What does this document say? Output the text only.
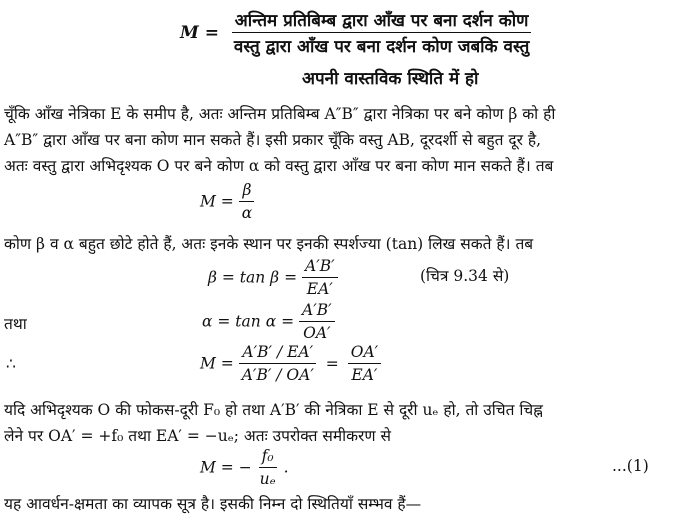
$M = \frac{\text{अन्तिम प्रतिबिम्ब द्वारा आँख पर बना दर्शन कोण}}{\text{वस्तु द्वारा आँख पर बना दर्शन कोण जबकि वस्तु}}$
अपनी वास्तविक स्थिति में हो
चूँकि आँख नेत्रिका E के समीप है, अतः अन्तिम प्रतिबिम्ब A″B″ द्वारा नेत्रिका पर बने कोण β को ही
A″B″ द्वारा आँख पर बना कोण मान सकते हैं। इसी प्रकार चूँकि वस्तु AB, दूरदर्शी से बहुत दूर है,
अतः वस्तु द्वारा अभिदृश्यक O पर बने कोण α को वस्तु द्वारा आँख पर बना कोण मान सकते हैं। तब
$M = \frac{\beta}{\alpha}$
कोण β व α बहुत छोटे होते हैं, अतः इनके स्थान पर इनकी स्पर्शज्या (tan) लिख सकते हैं। तब
$\beta = \tan \beta = \frac{A'B'}{EA'}$	(चित्र 9.34 से)
तथा	$\alpha = \tan \alpha = \frac{A'B'}{OA'}$
∴	$M = \frac{A'B' / EA'}{A'B' / OA'} = \frac{OA'}{EA'}$
यदि अभिदृश्यक O की फोकस-दूरी F₀ हो तथा A′B′ की नेत्रिका E से दूरी uₑ हो, तो उचित चिह्न
लेने पर OA′ = +f₀ तथा EA′ = −uₑ; अतः उपरोक्त समीकरण से
M = − $\frac{\text{f₀}}{\text{uₑ}}$ .	...(1)
यह आवर्धन-क्षमता का व्यापक सूत्र है। इसकी निम्न दो स्थितियाँ सम्भव हैं—
